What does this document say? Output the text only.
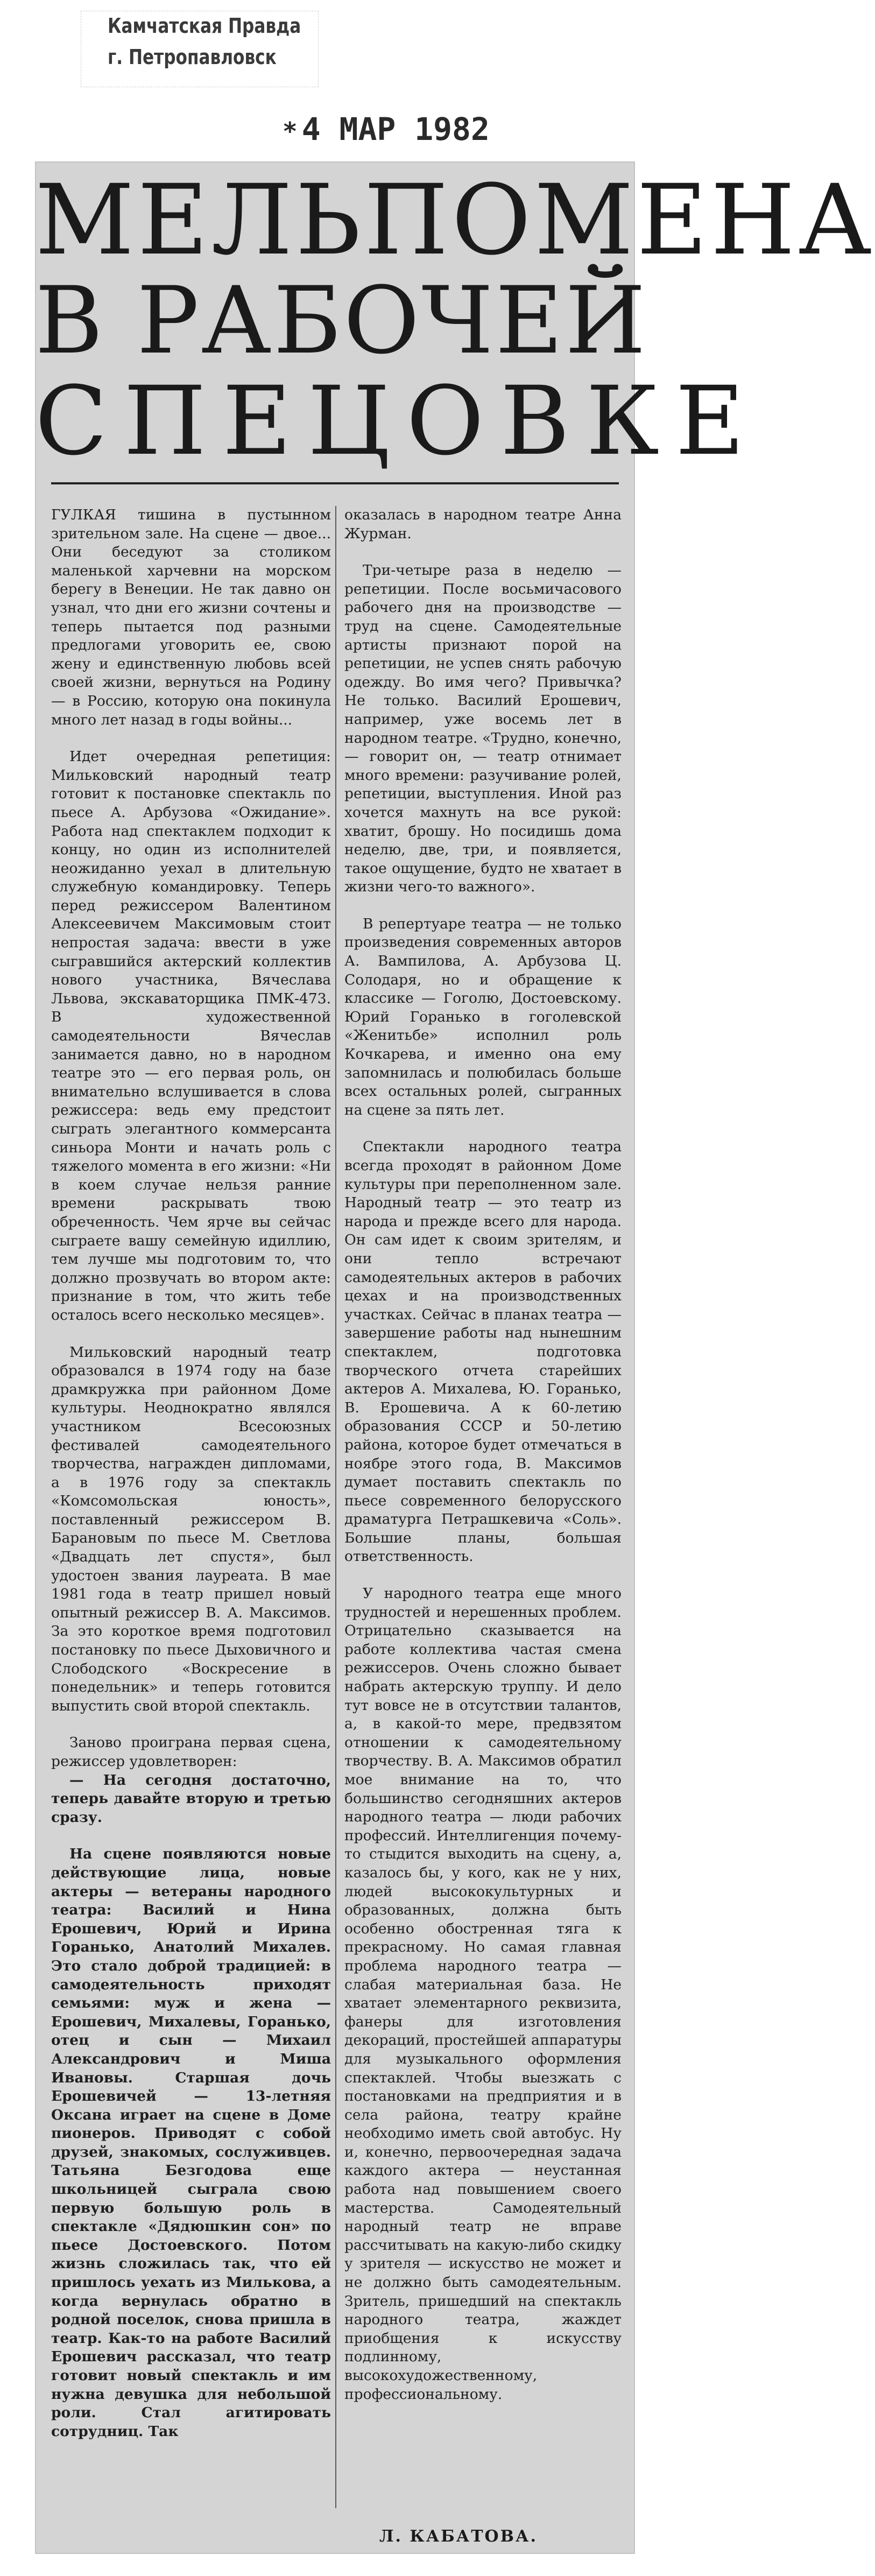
Камчатская Правда
г. Петропавловск
* 4 МАР 1982
МЕЛЬПОМЕНА
В РАБОЧЕЙ
СПЕЦОВКЕ

ГУЛКАЯ тишина в пустынном зрительном зале. На сцене — двое... Они беседуют за столиком маленькой харчевни на морском берегу в Венеции. Не так давно он узнал, что дни его жизни сочтены и теперь пытается под разными предлогами уговорить ее, свою жену и единственную любовь всей своей жизни, вернуться на Родину — в Россию, которую она покинула много лет назад в годы войны...

Идет очередная репетиция: Мильковский народный театр готовит к постановке спектакль по пьесе А. Арбузова «Ожидание». Работа над спектаклем подходит к концу, но один из исполнителей неожиданно уехал в длительную служебную командировку. Теперь перед режиссером Валентином Алексеевичем Максимовым стоит непростая задача: ввести в уже сыгравшийся актерский коллектив нового участника, Вячеслава Львова, экскаваторщика ПМК-473. В художественной самодеятельности Вячеслав занимается давно, но в народном театре это — его первая роль, он внимательно вслушивается в слова режиссера: ведь ему предстоит сыграть элегантного коммерсанта синьора Монти и начать роль с тяжелого момента в его жизни: «Ни в коем случае нельзя ранние времени раскрывать твою обреченность. Чем ярче вы сейчас сыграете вашу семейную идиллию, тем лучше мы подготовим то, что должно прозвучать во втором акте: признание в том, что жить тебе осталось всего несколько месяцев».

Мильковский народный театр образовался в 1974 году на базе драмкружка при районном Доме культуры. Неоднократно являлся участником Всесоюзных фестивалей самодеятельного творчества, награжден дипломами, а в 1976 году за спектакль «Комсомольская юность», поставленный режиссером В. Барановым по пьесе М. Светлова «Двадцать лет спустя», был удостоен звания лауреата. В мае 1981 года в театр пришел новый опытный режиссер В. А. Максимов. За это короткое время подготовил постановку по пьесе Дыховичного и Слободского «Воскресение в понедельник» и теперь готовится выпустить свой второй спектакль.

Заново проиграна первая сцена, режиссер удовлетворен:

— На сегодня достаточно, теперь давайте вторую и третью сразу.

На сцене появляются новые действующие лица, новые актеры — ветераны народного театра: Василий и Нина Ерошевич, Юрий и Ирина Горанько, Анатолий Михалев. Это стало доброй традицией: в самодеятельность приходят семьями: муж и жена — Ерошевич, Михалевы, Горанько, отец и сын — Михаил Александрович и Миша Ивановы. Старшая дочь Ерошевичей — 13-летняя Оксана играет на сцене в Доме пионеров. Приводят с собой друзей, знакомых, сослуживцев. Татьяна Безгодова еще школьницей сыграла свою первую большую роль в спектакле «Дядюшкин сон» по пьесе Достоевского. Потом жизнь сложилась так, что ей пришлось уехать из Милькова, а когда вернулась обратно в родной поселок, снова пришла в театр. Как-то на работе Василий Ерошевич рассказал, что театр готовит новый спектакль и им нужна девушка для небольшой роли. Стал агитировать сотрудниц. Так

оказалась в народном театре Анна Журман.

Три-четыре раза в неделю — репетиции. После восьмичасового рабочего дня на производстве — труд на сцене. Самодеятельные артисты признают порой на репетиции, не успев снять рабочую одежду. Во имя чего? Привычка? Не только. Василий Ерошевич, например, уже восемь лет в народном театре. «Трудно, конечно, — говорит он, — театр отнимает много времени: разучивание ролей, репетиции, выступления. Иной раз хочется махнуть на все рукой: хватит, брошу. Но посидишь дома неделю, две, три, и появляется, такое ощущение, будто не хватает в жизни чего-то важного».

В репертуаре театра — не только произведения современных авторов А. Вампилова, А. Арбузова Ц. Солодаря, но и обращение к классике — Гоголю, Достоевскому. Юрий Горанько в гоголевской «Женитьбе» исполнил роль Кочкарева, и именно она ему запомнилась и полюбилась больше всех остальных ролей, сыгранных на сцене за пять лет.

Спектакли народного театра всегда проходят в районном Доме культуры при переполненном зале. Народный театр — это театр из народа и прежде всего для народа. Он сам идет к своим зрителям, и они тепло встречают самодеятельных актеров в рабочих цехах и на производственных участках. Сейчас в планах театра — завершение работы над нынешним спектаклем, подготовка творческого отчета старейших актеров А. Михалева, Ю. Горанько, В. Ерошевича. А к 60-летию образования СССР и 50-летию района, которое будет отмечаться в ноябре этого года, В. Максимов думает поставить спектакль по пьесе современного белорусского драматурга Петрашкевича «Соль». Большие планы, большая ответственность.

У народного театра еще много трудностей и нерешенных проблем. Отрицательно сказывается на работе коллектива частая смена режиссеров. Очень сложно бывает набрать актерскую труппу. И дело тут вовсе не в отсутствии талантов, а, в какой-то мере, предвзятом отношении к самодеятельному творчеству. В. А. Максимов обратил мое внимание на то, что большинство сегодняшних актеров народного театра — люди рабочих профессий. Интеллигенция почему-то стыдится выходить на сцену, а, казалось бы, у кого, как не у них, людей высококультурных и образованных, должна быть особенно обостренная тяга к прекрасному. Но самая главная проблема народного театра — слабая материальная база. Не хватает элементарного реквизита, фанеры для изготовления декораций, простейшей аппаратуры для музыкального оформления спектаклей. Чтобы выезжать с постановками на предприятия и в села района, театру крайне необходимо иметь свой автобус. Ну и, конечно, первоочередная задача каждого актера — неустанная работа над повышением своего мастерства. Самодеятельный народный театр не вправе рассчитывать на какую-либо скидку у зрителя — искусство не может и не должно быть самодеятельным. Зритель, пришедший на спектакль народного театра, жаждет приобщения к искусству подлинному, высокохудожественному, профессиональному.

Л. КАБАТОВА.
